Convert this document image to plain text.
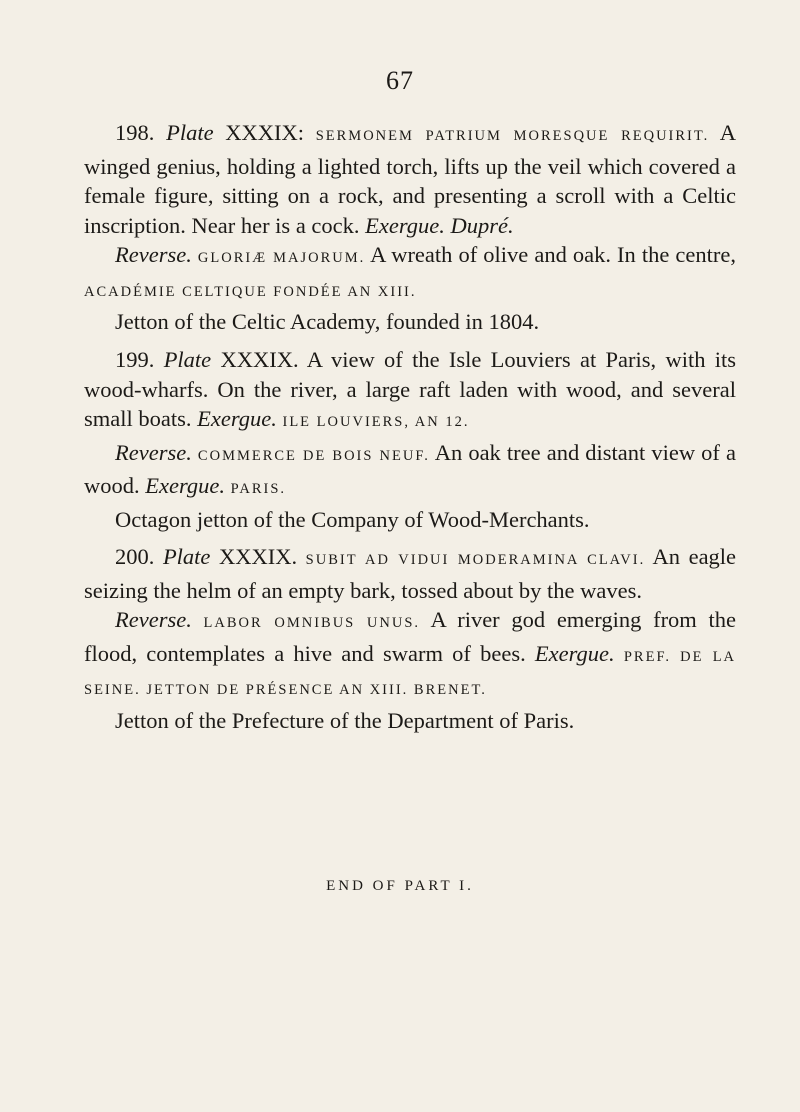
67

198. Plate XXXIX: SERMONEM PATRIUM MORESQUE REQUIRIT. A winged genius, holding a lighted torch, lifts up the veil which covered a female figure, sitting on a rock, and presenting a scroll with a Celtic inscription. Near her is a cock. Exergue. Dupré.

Reverse. GLORIÆ MAJORUM. A wreath of olive and oak. In the centre, ACADÉMIE CELTIQUE FONDÉE AN XIII.

Jetton of the Celtic Academy, founded in 1804.

199. Plate XXXIX. A view of the Isle Louviers at Paris, with its wood-wharfs. On the river, a large raft laden with wood, and several small boats. Exergue. ILE LOUVIERS, AN 12.

Reverse. COMMERCE DE BOIS NEUF. An oak tree and distant view of a wood. Exergue. PARIS.

Octagon jetton of the Company of Wood-Merchants.

200. Plate XXXIX. SUBIT AD VIDUI MODERAMINA CLAVI. An eagle seizing the helm of an empty bark, tossed about by the waves.

Reverse. LABOR OMNIBUS UNUS. A river god emerging from the flood, contemplates a hive and swarm of bees. Exergue. PREF. DE LA SEINE. JETTON DE PRÉSENCE AN XIII. BRENET.

Jetton of the Prefecture of the Department of Paris.

END OF PART I.
